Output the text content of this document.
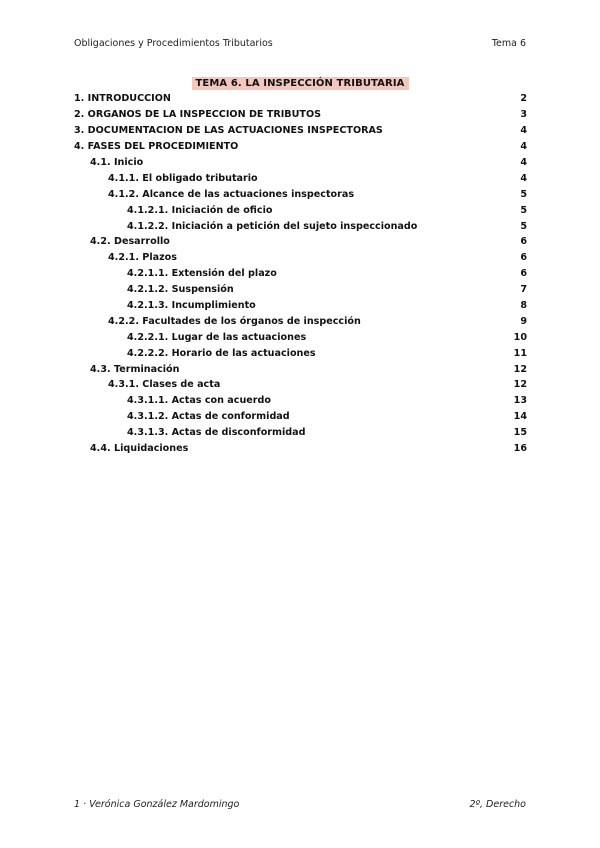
Obligaciones y Procedimientos Tributarios	Tema 6
TEMA 6. LA INSPECCIÓN TRIBUTARIA
1. INTRODUCCIÓN	2
2. ÓRGANOS DE LA INSPECCIÓN DE TRIBUTOS	3
3. DOCUMENTACIÓN DE LAS ACTUACIONES INSPECTORAS	4
4. FASES DEL PROCEDIMIENTO	4
4.1. Inicio	4
4.1.1. El obligado tributario	4
4.1.2. Alcance de las actuaciones inspectoras	5
4.1.2.1. Iniciación de oficio	5
4.1.2.2. Iniciación a petición del sujeto inspeccionado	5
4.2. Desarrollo	6
4.2.1. Plazos	6
4.2.1.1. Extensión del plazo	6
4.2.1.2. Suspensión	7
4.2.1.3. Incumplimiento	8
4.2.2. Facultades de los órganos de inspección	9
4.2.2.1. Lugar de las actuaciones	10
4.2.2.2. Horario de las actuaciones	11
4.3. Terminación	12
4.3.1. Clases de acta	12
4.3.1.1. Actas con acuerdo	13
4.3.1.2. Actas de conformidad	14
4.3.1.3. Actas de disconformidad	15
4.4. Liquidaciones	16
1 · Verónica González Mardomingo	2º, Derecho
